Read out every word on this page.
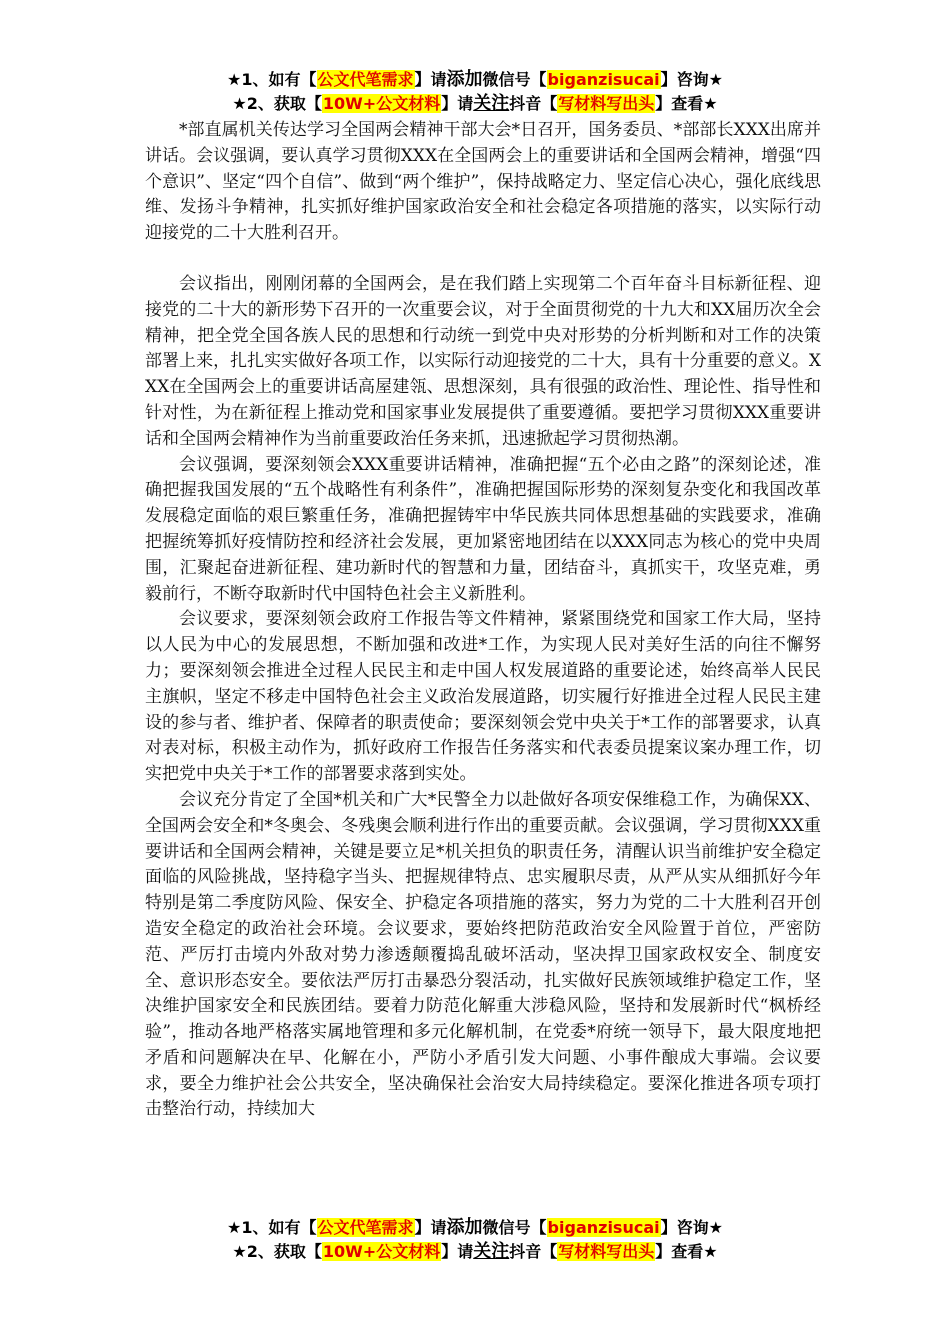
★1、如有【公文代笔需求】请添加微信号【biganzisucai】咨询★
★2、获取【10W+公文材料】请关注抖音【写材料写出头】查看★

*部直属机关传达学习全国两会精神干部大会*日召开，国务委员、*部部长XXX出席并讲话。会议强调，要认真学习贯彻XXX在全国两会上的重要讲话和全国两会精神，增强“四个意识”、坚定“四个自信”、做到“两个维护”，保持战略定力、坚定信心决心，强化底线思维、发扬斗争精神，扎实抓好维护国家政治安全和社会稳定各项措施的落实，以实际行动迎接党的二十大胜利召开。

会议指出，刚刚闭幕的全国两会，是在我们踏上实现第二个百年奋斗目标新征程、迎接党的二十大的新形势下召开的一次重要会议，对于全面贯彻党的十九大和XX届历次全会精神，把全党全国各族人民的思想和行动统一到党中央对形势的分析判断和对工作的决策部署上来，扎扎实实做好各项工作，以实际行动迎接党的二十大，具有十分重要的意义。XXX在全国两会上的重要讲话高屋建瓴、思想深刻，具有很强的政治性、理论性、指导性和针对性，为在新征程上推动党和国家事业发展提供了重要遵循。要把学习贯彻XXX重要讲话和全国两会精神作为当前重要政治任务来抓，迅速掀起学习贯彻热潮。

会议强调，要深刻领会XXX重要讲话精神，准确把握“五个必由之路”的深刻论述，准确把握我国发展的“五个战略性有利条件”，准确把握国际形势的深刻复杂变化和我国改革发展稳定面临的艰巨繁重任务，准确把握铸牢中华民族共同体思想基础的实践要求，准确把握统筹抓好疫情防控和经济社会发展，更加紧密地团结在以XXX同志为核心的党中央周围，汇聚起奋进新征程、建功新时代的智慧和力量，团结奋斗，真抓实干，攻坚克难，勇毅前行，不断夺取新时代中国特色社会主义新胜利。

会议要求，要深刻领会政府工作报告等文件精神，紧紧围绕党和国家工作大局，坚持以人民为中心的发展思想，不断加强和改进*工作，为实现人民对美好生活的向往不懈努力；要深刻领会推进全过程人民民主和走中国人权发展道路的重要论述，始终高举人民民主旗帜，坚定不移走中国特色社会主义政治发展道路，切实履行好推进全过程人民民主建设的参与者、维护者、保障者的职责使命；要深刻领会党中央关于*工作的部署要求，认真对表对标，积极主动作为，抓好政府工作报告任务落实和代表委员提案议案办理工作，切实把党中央关于*工作的部署要求落到实处。

会议充分肯定了全国*机关和广大*民警全力以赴做好各项安保维稳工作，为确保XX、全国两会安全和*冬奥会、冬残奥会顺利进行作出的重要贡献。会议强调，学习贯彻XXX重要讲话和全国两会精神，关键是要立足*机关担负的职责任务，清醒认识当前维护安全稳定面临的风险挑战，坚持稳字当头、把握规律特点、忠实履职尽责，从严从实从细抓好今年特别是第二季度防风险、保安全、护稳定各项措施的落实，努力为党的二十大胜利召开创造安全稳定的政治社会环境。会议要求，要始终把防范政治安全风险置于首位，严密防范、严厉打击境内外敌对势力渗透颠覆捣乱破坏活动，坚决捍卫国家政权安全、制度安全、意识形态安全。要依法严厉打击暴恐分裂活动，扎实做好民族领域维护稳定工作，坚决维护国家安全和民族团结。要着力防范化解重大涉稳风险，坚持和发展新时代“枫桥经验”，推动各地严格落实属地管理和多元化解机制，在党委*府统一领导下，最大限度地把矛盾和问题解决在早、化解在小，严防小矛盾引发大问题、小事件酿成大事端。会议要求，要全力维护社会公共安全，坚决确保社会治安大局持续稳定。要深化推进各项专项打击整治行动，持续加大

★1、如有【公文代笔需求】请添加微信号【biganzisucai】咨询★
★2、获取【10W+公文材料】请关注抖音【写材料写出头】查看★
